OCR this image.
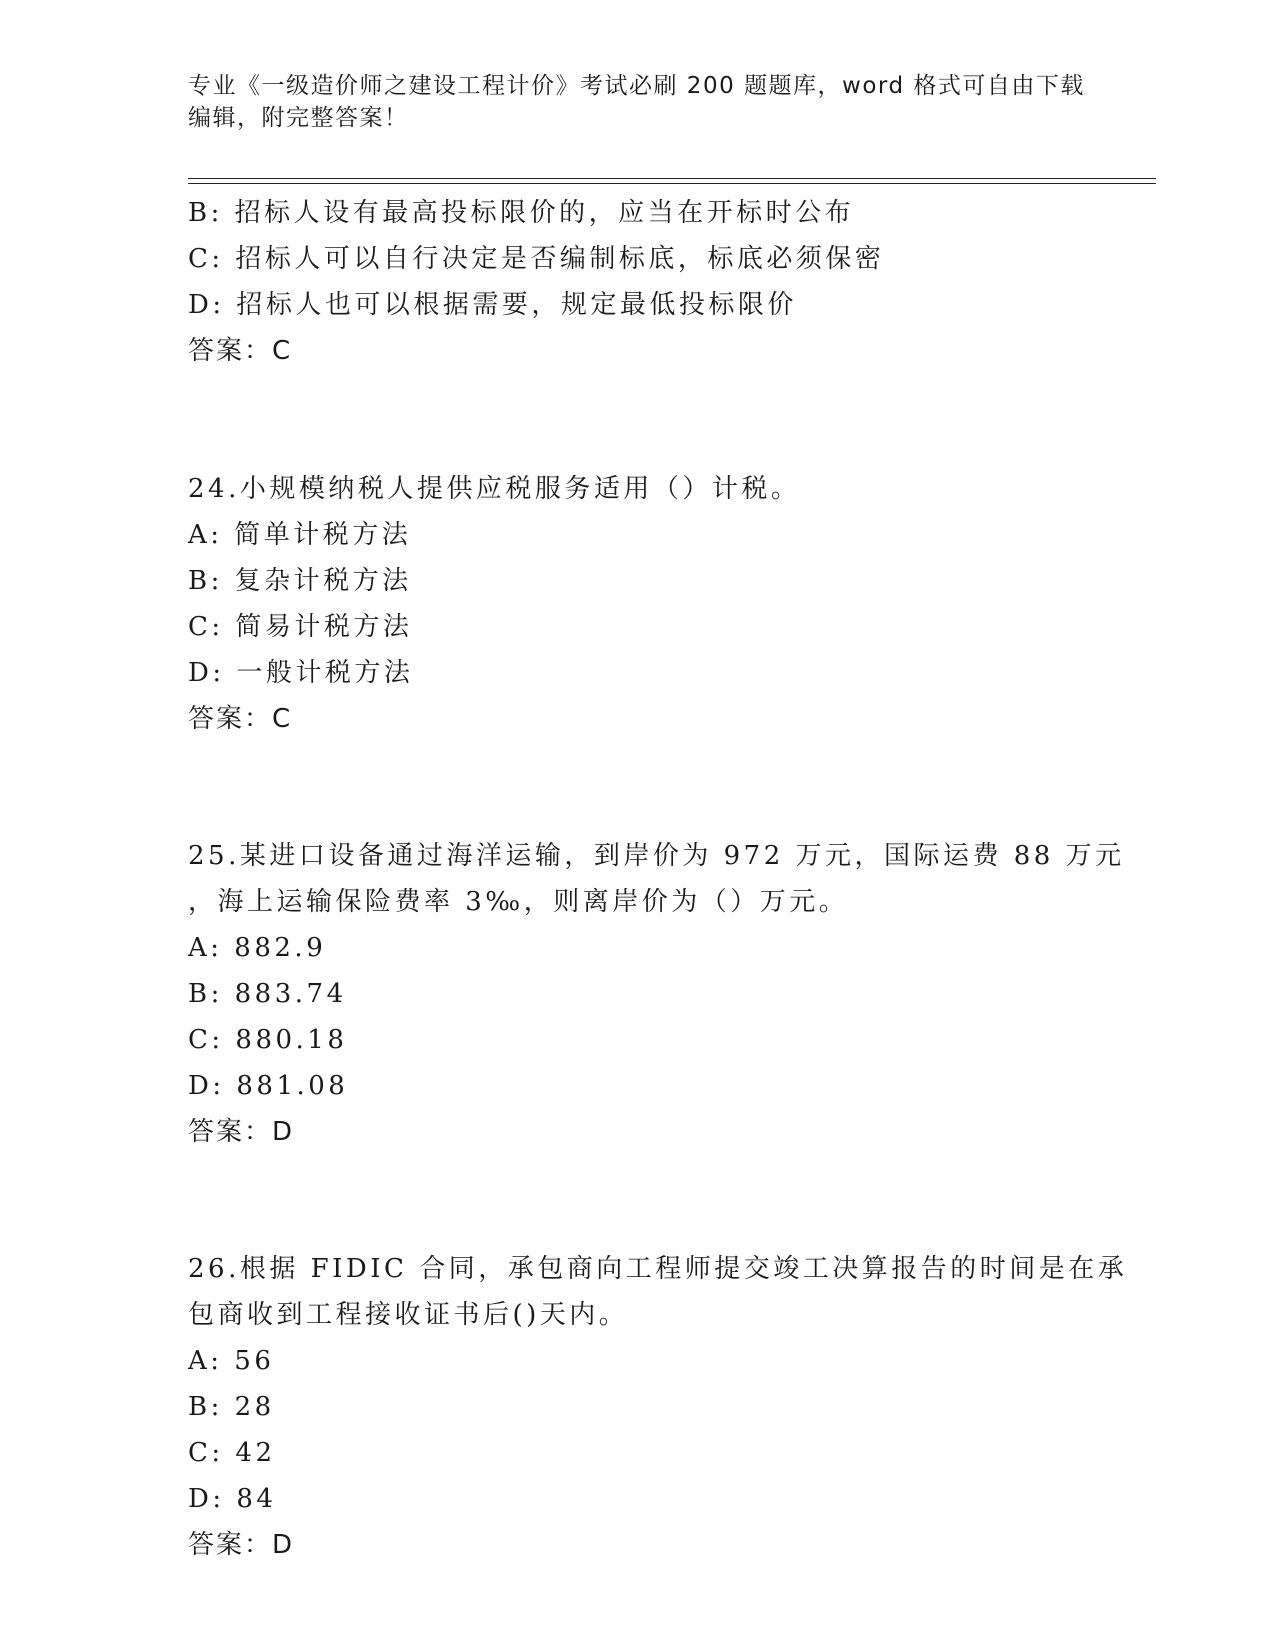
专业《一级造价师之建设工程计价》考试必刷 200 题题库，word 格式可自由下载
编辑，附完整答案！
B: 招标人设有最高投标限价的，应当在开标时公布
C: 招标人可以自行决定是否编制标底，标底必须保密
D: 招标人也可以根据需要，规定最低投标限价
答案：C
24.小规模纳税人提供应税服务适用（）计税。
A: 简单计税方法
B: 复杂计税方法
C: 简易计税方法
D: 一般计税方法
答案：C
25.某进口设备通过海洋运输，到岸价为 972 万元，国际运费 88 万元
，海上运输保险费率 3‰，则离岸价为（）万元。
A: 882.9
B: 883.74
C: 880.18
D: 881.08
答案：D
26.根据 FIDIC 合同，承包商向工程师提交竣工决算报告的时间是在承
包商收到工程接收证书后()天内。
A: 56
B: 28
C: 42
D: 84
答案：D
